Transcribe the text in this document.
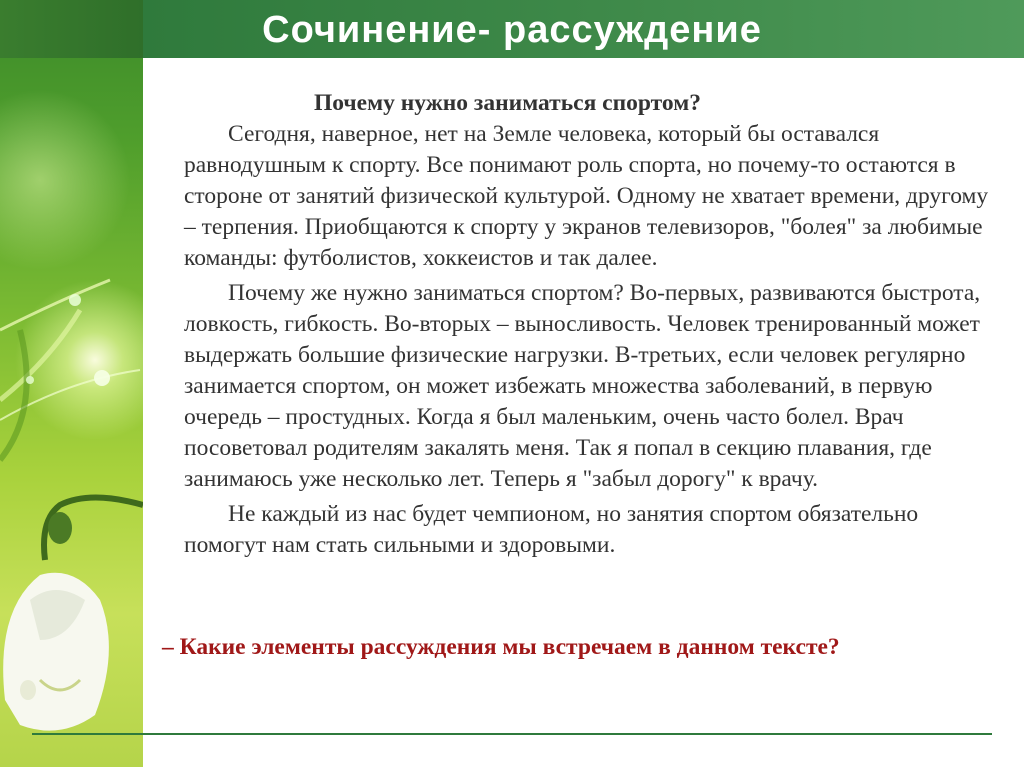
Сочинение- рассуждение

Почему нужно заниматься спортом?

Сегодня, наверное, нет на Земле человека, который бы оставался равнодушным к спорту. Все понимают роль спорта, но почему-то остаются в стороне от занятий физической культурой. Одному не хватает времени, другому – терпения. Приобщаются к спорту у экранов телевизоров, "болея" за любимые команды: футболистов, хоккеистов и так далее.

Почему же нужно заниматься спортом? Во-первых, развиваются быстрота, ловкость, гибкость. Во-вторых – выносливость. Человек тренированный может выдержать большие физические нагрузки. В-третьих, если человек регулярно занимается спортом, он может избежать множества заболеваний, в первую очередь – простудных. Когда я был маленьким, очень часто болел. Врач посоветовал родителям закалять меня. Так я попал в секцию плавания, где занимаюсь уже несколько лет. Теперь я "забыл дорогу" к врачу.

Не каждый из нас будет чемпионом, но занятия спортом обязательно помогут нам стать сильными и здоровыми.

– Какие элементы рассуждения мы встречаем в данном тексте?
